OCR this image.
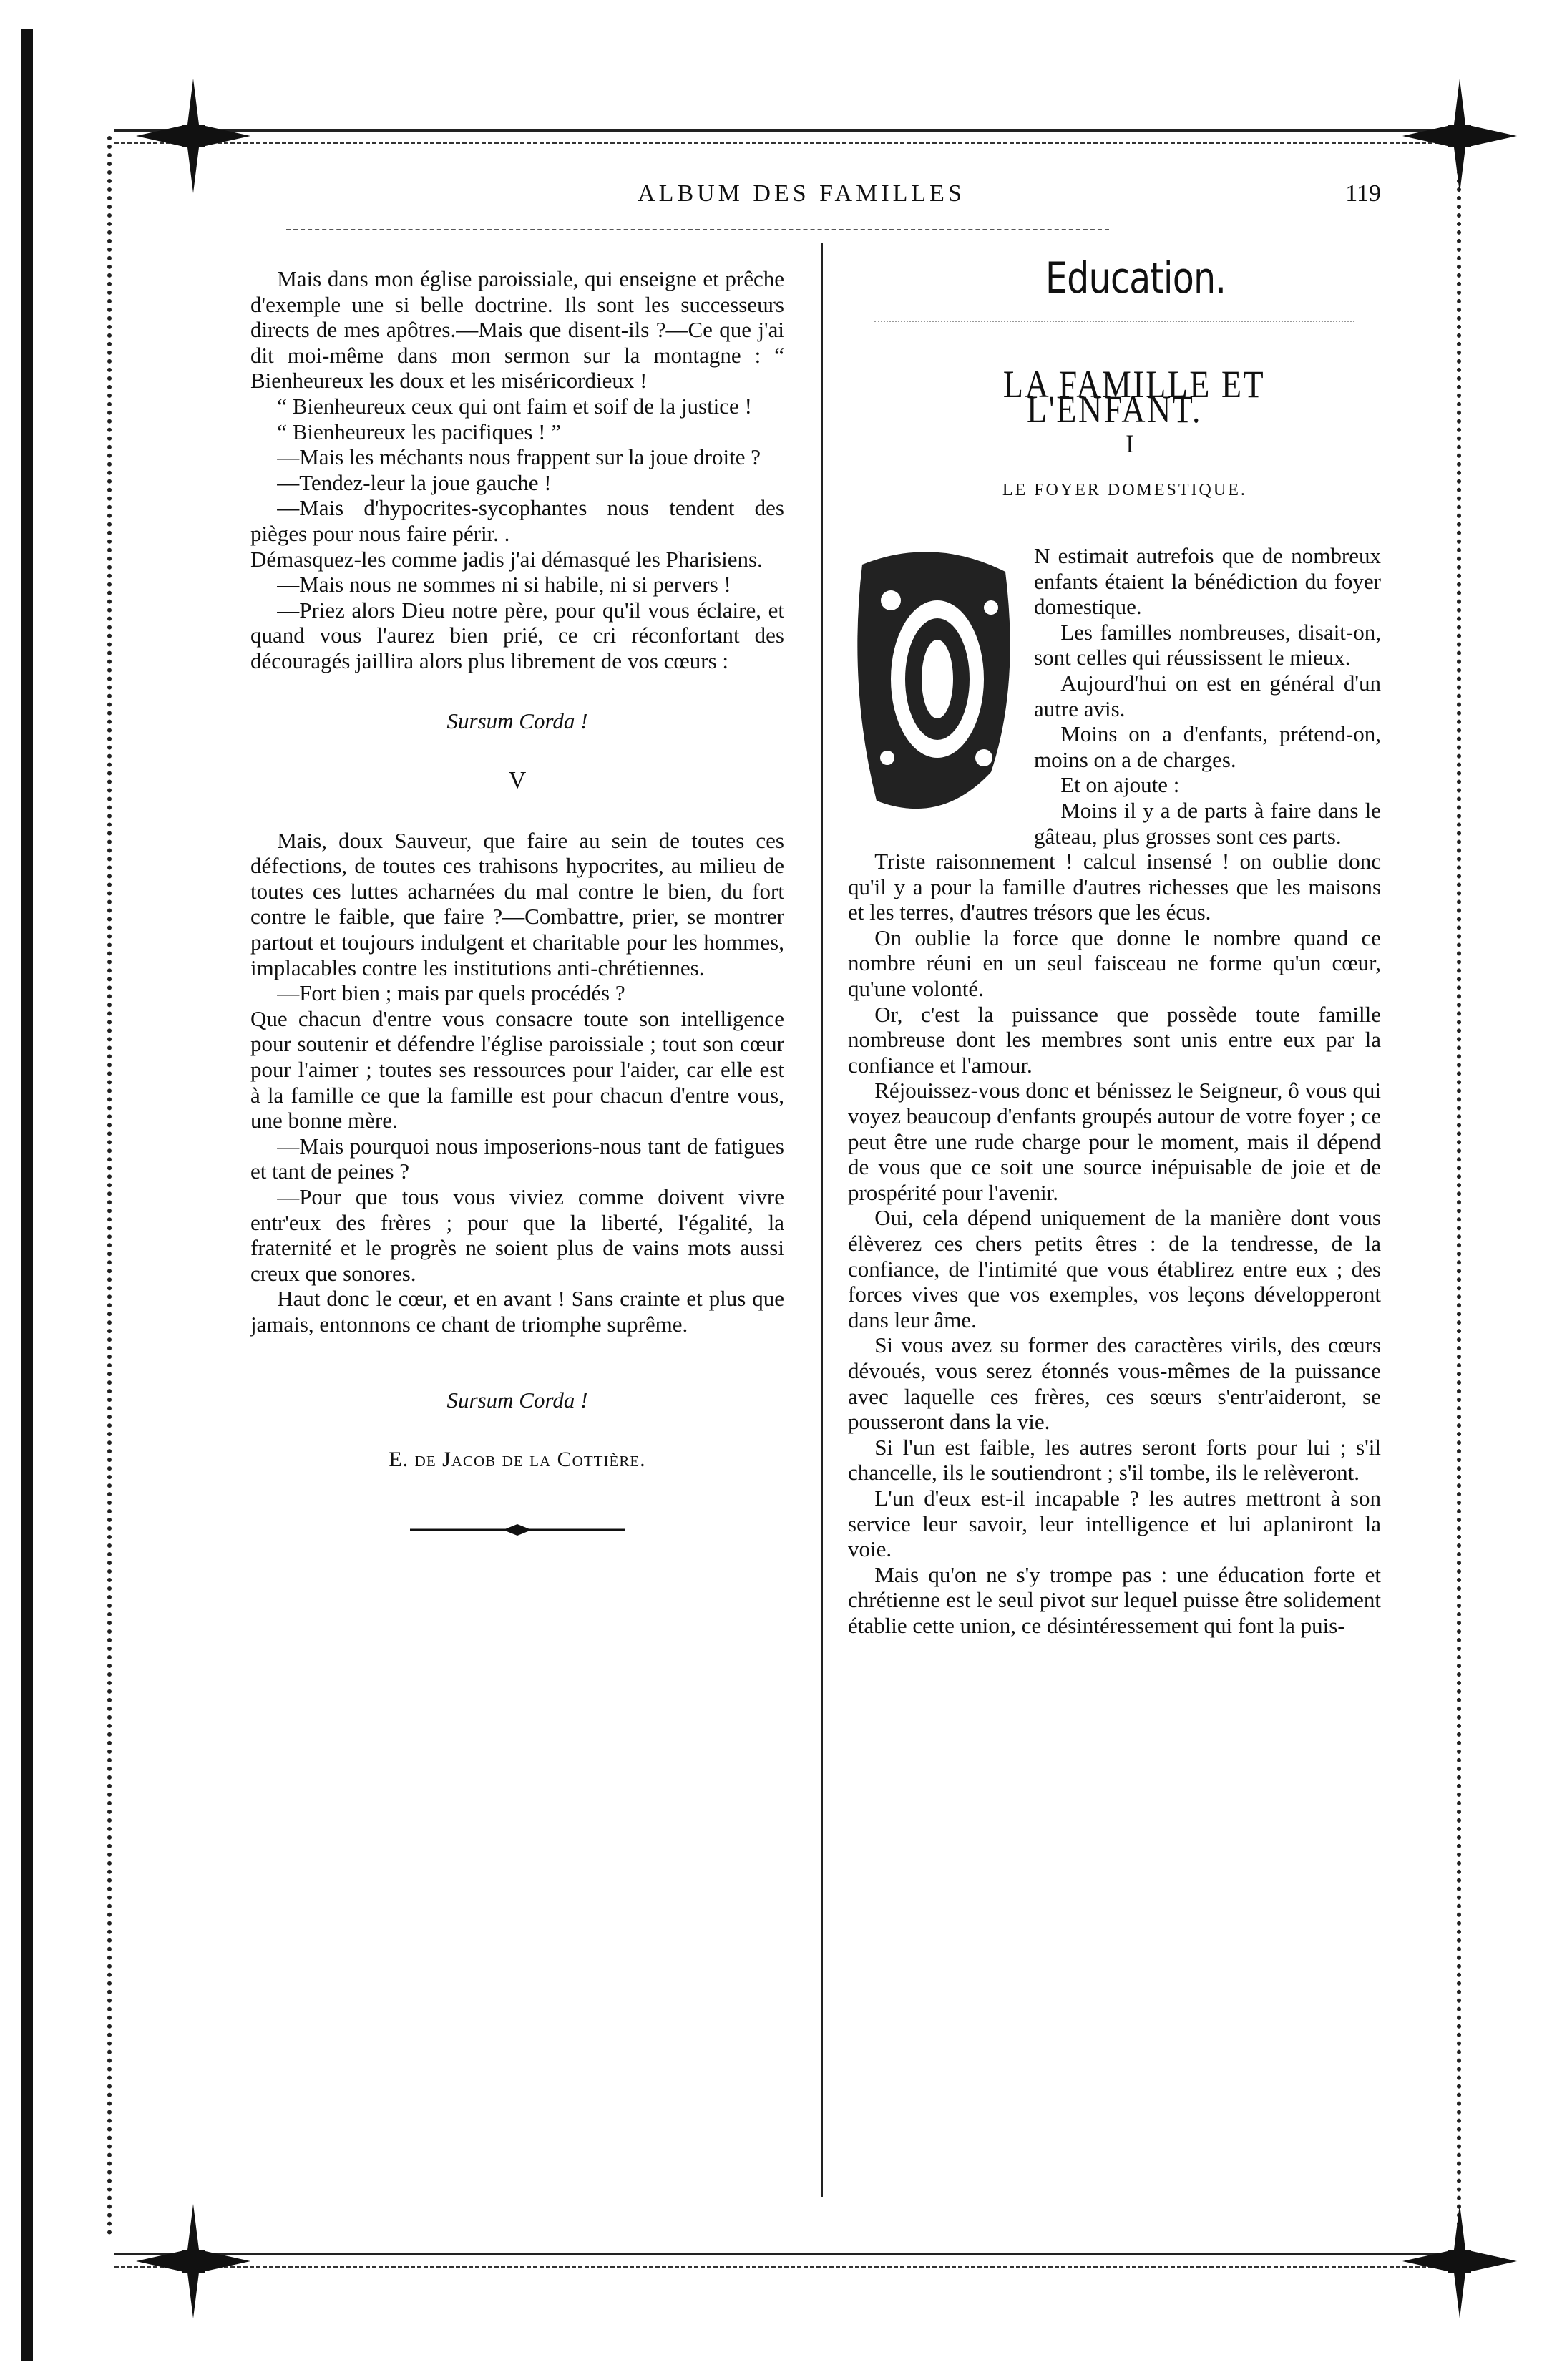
ALBUM DES FAMILLES	119

Mais dans mon église paroissiale, qui enseigne et prêche d'exemple une si belle doctrine. Ils sont les successeurs directs de mes apôtres.—Mais que disent-ils ?—Ce que j'ai dit moi-même dans mon sermon sur la montagne : “ Bienheureux les doux et les miséricordieux !

“ Bienheureux ceux qui ont faim et soif de la justice !

“ Bienheureux les pacifiques ! ”

—Mais les méchants nous frappent sur la joue droite ?

—Tendez-leur la joue gauche !

—Mais d'hypocrites-sycophantes nous tendent des pièges pour nous faire périr. .

Démasquez-les comme jadis j'ai démasqué les Pharisiens.

—Mais nous ne sommes ni si habile, ni si pervers !

—Priez alors Dieu notre père, pour qu'il vous éclaire, et quand vous l'aurez bien prié, ce cri réconfortant des découragés jaillira alors plus librement de vos cœurs :

Sursum Corda !

V

Mais, doux Sauveur, que faire au sein de toutes ces défections, de toutes ces trahisons hypocrites, au milieu de toutes ces luttes acharnées du mal contre le bien, du fort contre le faible, que faire ?—Combattre, prier, se montrer partout et toujours indulgent et charitable pour les hommes, implacables contre les institutions anti-chrétiennes.

—Fort bien ; mais par quels procédés ?

Que chacun d'entre vous consacre toute son intelligence pour soutenir et défendre l'église paroissiale ; tout son cœur pour l'aimer ; toutes ses ressources pour l'aider, car elle est à la famille ce que la famille est pour chacun d'entre vous, une bonne mère.

—Mais pourquoi nous imposerions-nous tant de fatigues et tant de peines ?

—Pour que tous vous viviez comme doivent vivre entr'eux des frères ; pour que la liberté, l'égalité, la fraternité et le progrès ne soient plus de vains mots aussi creux que sonores.

Haut donc le cœur, et en avant ! Sans crainte et plus que jamais, entonnons ce chant de triomphe suprême.

Sursum Corda !

E. de Jacob de la Cottière.

Education.

LA FAMILLE ET L'ENFANT.

I

LE FOYER DOMESTIQUE.

N estimait autrefois que de nombreux enfants étaient la bénédiction du foyer domestique.

Les familles nombreuses, disait-on, sont celles qui réussissent le mieux.

Aujourd'hui on est en général d'un autre avis.

Moins on a d'enfants, prétend-on, moins on a de charges.

Et on ajoute :

Moins il y a de parts à faire dans le gâteau, plus grosses sont ces parts.

Triste raisonnement ! calcul insensé ! on oublie donc qu'il y a pour la famille d'autres richesses que les maisons et les terres, d'autres trésors que les écus.

On oublie la force que donne le nombre quand ce nombre réuni en un seul faisceau ne forme qu'un cœur, qu'une volonté.

Or, c'est la puissance que possède toute famille nombreuse dont les membres sont unis entre eux par la confiance et l'amour.

Réjouissez-vous donc et bénissez le Seigneur, ô vous qui voyez beaucoup d'enfants groupés autour de votre foyer ; ce peut être une rude charge pour le moment, mais il dépend de vous que ce soit une source inépuisable de joie et de prospérité pour l'avenir.

Oui, cela dépend uniquement de la manière dont vous élèverez ces chers petits êtres : de la tendresse, de la confiance, de l'intimité que vous établirez entre eux ; des forces vives que vos exemples, vos leçons développeront dans leur âme.

Si vous avez su former des caractères virils, des cœurs dévoués, vous serez étonnés vous-mêmes de la puissance avec laquelle ces frères, ces sœurs s'entr'aideront, se pousseront dans la vie.

Si l'un est faible, les autres seront forts pour lui ; s'il chancelle, ils le soutiendront ; s'il tombe, ils le relèveront.

L'un d'eux est-il incapable ? les autres mettront à son service leur savoir, leur intelligence et lui aplaniront la voie.

Mais qu'on ne s'y trompe pas : une éducation forte et chrétienne est le seul pivot sur lequel puisse être solidement établie cette union, ce désintéressement qui font la puis-
